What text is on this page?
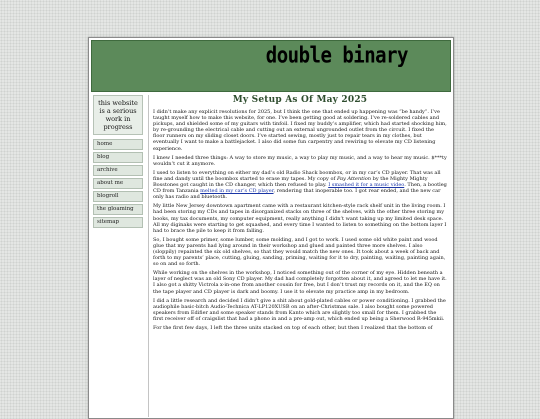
double binary
this website is a serious work in progress
home
blog
archive
about me
blogroll
the gloaming
sitemap
My Setup As Of May 2025

I didn’t make any explicit resolutions for 2025, but I think the one that ended up happening was “be handy”. I’ve taught myself how to make this website, for one. I’ve been getting good at soldering. I’ve re-soldered cables and pickups, and shielded some of my guitars with tinfoil. I fixed my buddy’s amplifier, which had started shocking him, by re-grounding the electrical cable and cutting out an external ungrounded outlet from the circuit. I fixed the floor runners on my sliding closet doors. I’ve started sewing, mostly just to repair tears in my clothes, but eventually I want to make a battlejacket. I also did some fun carpentry and rewiring to elevate my CD listening experience.

I knew I needed three things: A way to store my music, a way to play my music, and a way to hear my music. $***ty wouldn’t cut it anymore.

I used to listen to everything on either my dad’s old Radio Shack boombox, or in my car’s CD player. That was all fine and dandy until the boombox started to erase my tapes. My copy of Pay Attention by the Mighty Mighty Bosstones got caught in the CD changer, which then refused to play. I smashed it for a music video. Then, a bootleg CD from Tanzania melted in my car’s CD player, rendering that inoperable too. I got rear ended, and the new car only has radio and bluetooth.

My little New Jersey downtown apartment came with a restaurant kitchen-style rack shelf unit in the living room. I had been storing my CDs and tapes in disorganized stacks on three of the shelves, with the other three storing my books, my tax documents, my computer equipment, really anything I didn’t want taking up my limited desk space. All my diginaks were starting to get squashed, and every time I wanted to listen to something on the bottom layer I had to brace the pile to keep it from falling.

So, I bought some primer, some lumber, some molding, and I got to work. I used some old white paint and wood glue that my parents had lying around in their workshop and glued and painted three more shelves. I also (sloppily) repainted the six old shelves, so that they would match the new ones. It took about a week of back and forth to my parents’ place, cutting, gluing, sanding, priming, waiting for it to dry, painting, waiting, painting again, so on and so forth.

While working on the shelves in the workshop, I noticed something out of the corner of my eye. Hidden beneath a layer of neglect was an old Sony CD player. My dad had completely forgotten about it, and agreed to let me have it. I also got a shitty Victrola x-in-one from another cousin for free, but I don’t trust my records on it, and the EQ on the tape player and CD player is dark and boomy. I use it to elevate my practice amp in my bedroom.

I did a little research and decided I didn’t give a shit about gold-plated cables or power conditioning. I grabbed the audiophile basic-bitch Audio-Technica AT-LP120XUSB on an after-Christmas sale. I also bought some powered speakers from Edifier and some speaker stands from Kanto which are slightly too small for them. I grabbed the first receiver off of craigslist that had a phono in and a pre-amp out, which ended up being a Sherwood R-945mkii.

For the first few days, I left the three units stacked on top of each other, but then I realized that the bottom of
